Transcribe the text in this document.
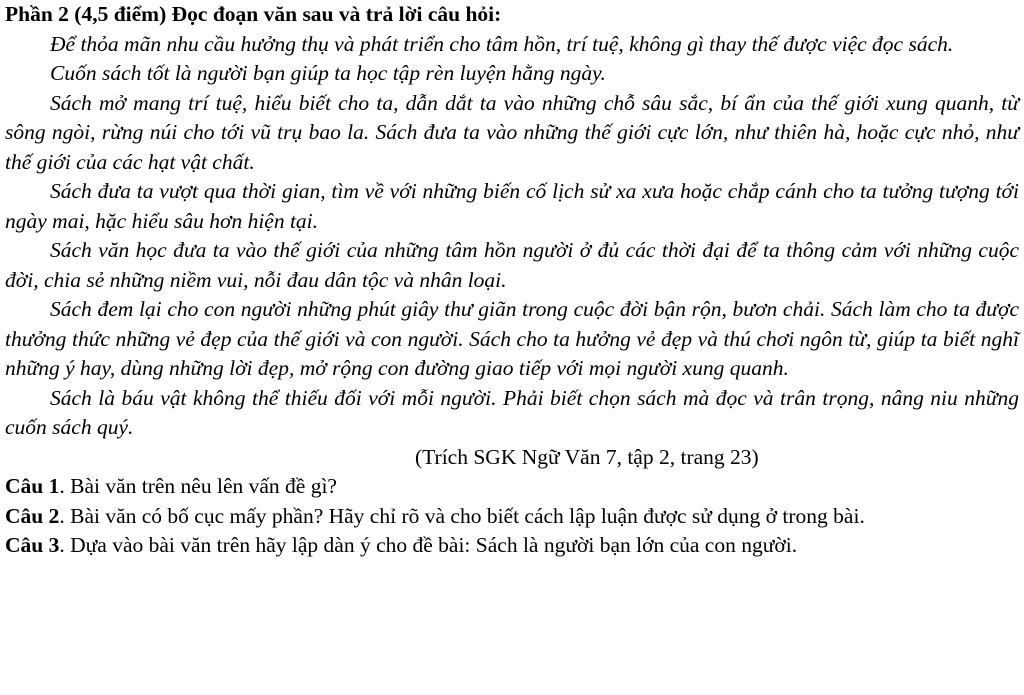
Phần 2 (4,5 điểm) Đọc đoạn văn sau và trả lời câu hỏi:

Để thỏa mãn nhu cầu hưởng thụ và phát triển cho tâm hồn, trí tuệ, không gì thay thế được việc đọc sách.

Cuốn sách tốt là người bạn giúp ta học tập rèn luyện hằng ngày.

Sách mở mang trí tuệ, hiểu biết cho ta, dẫn dắt ta vào những chỗ sâu sắc, bí ẩn của thế giới xung quanh, từ sông ngòi, rừng núi cho tới vũ trụ bao la. Sách đưa ta vào những thế giới cực lớn, như thiên hà, hoặc cực nhỏ, như thế giới của các hạt vật chất.

Sách đưa ta vượt qua thời gian, tìm về với những biến cố lịch sử xa xưa hoặc chắp cánh cho ta tưởng tượng tới ngày mai, hặc hiểu sâu hơn hiện tại.

Sách văn học đưa ta vào thế giới của những tâm hồn người ở đủ các thời đại để ta thông cảm với những cuộc đời, chia sẻ những niềm vui, nỗi đau dân tộc và nhân loại.

Sách đem lại cho con người những phút giây thư giãn trong cuộc đời bận rộn, bươn chải. Sách làm cho ta được thưởng thức những vẻ đẹp của thế giới và con người. Sách cho ta hưởng vẻ đẹp và thú chơi ngôn từ, giúp ta biết nghĩ những ý hay, dùng những lời đẹp, mở rộng con đường giao tiếp với mọi người xung quanh.

Sách là báu vật không thể thiếu đối với mỗi người. Phải biết chọn sách mà đọc và trân trọng, nâng niu những cuốn sách quý.

(Trích SGK Ngữ Văn 7, tập 2, trang 23)

Câu 1. Bài văn trên nêu lên vấn đề gì?

Câu 2. Bài văn có bố cục mấy phần? Hãy chỉ rõ và cho biết cách lập luận được sử dụng ở trong bài.

Câu 3. Dựa vào bài văn trên hãy lập dàn ý cho đề bài: Sách là người bạn lớn của con người.
